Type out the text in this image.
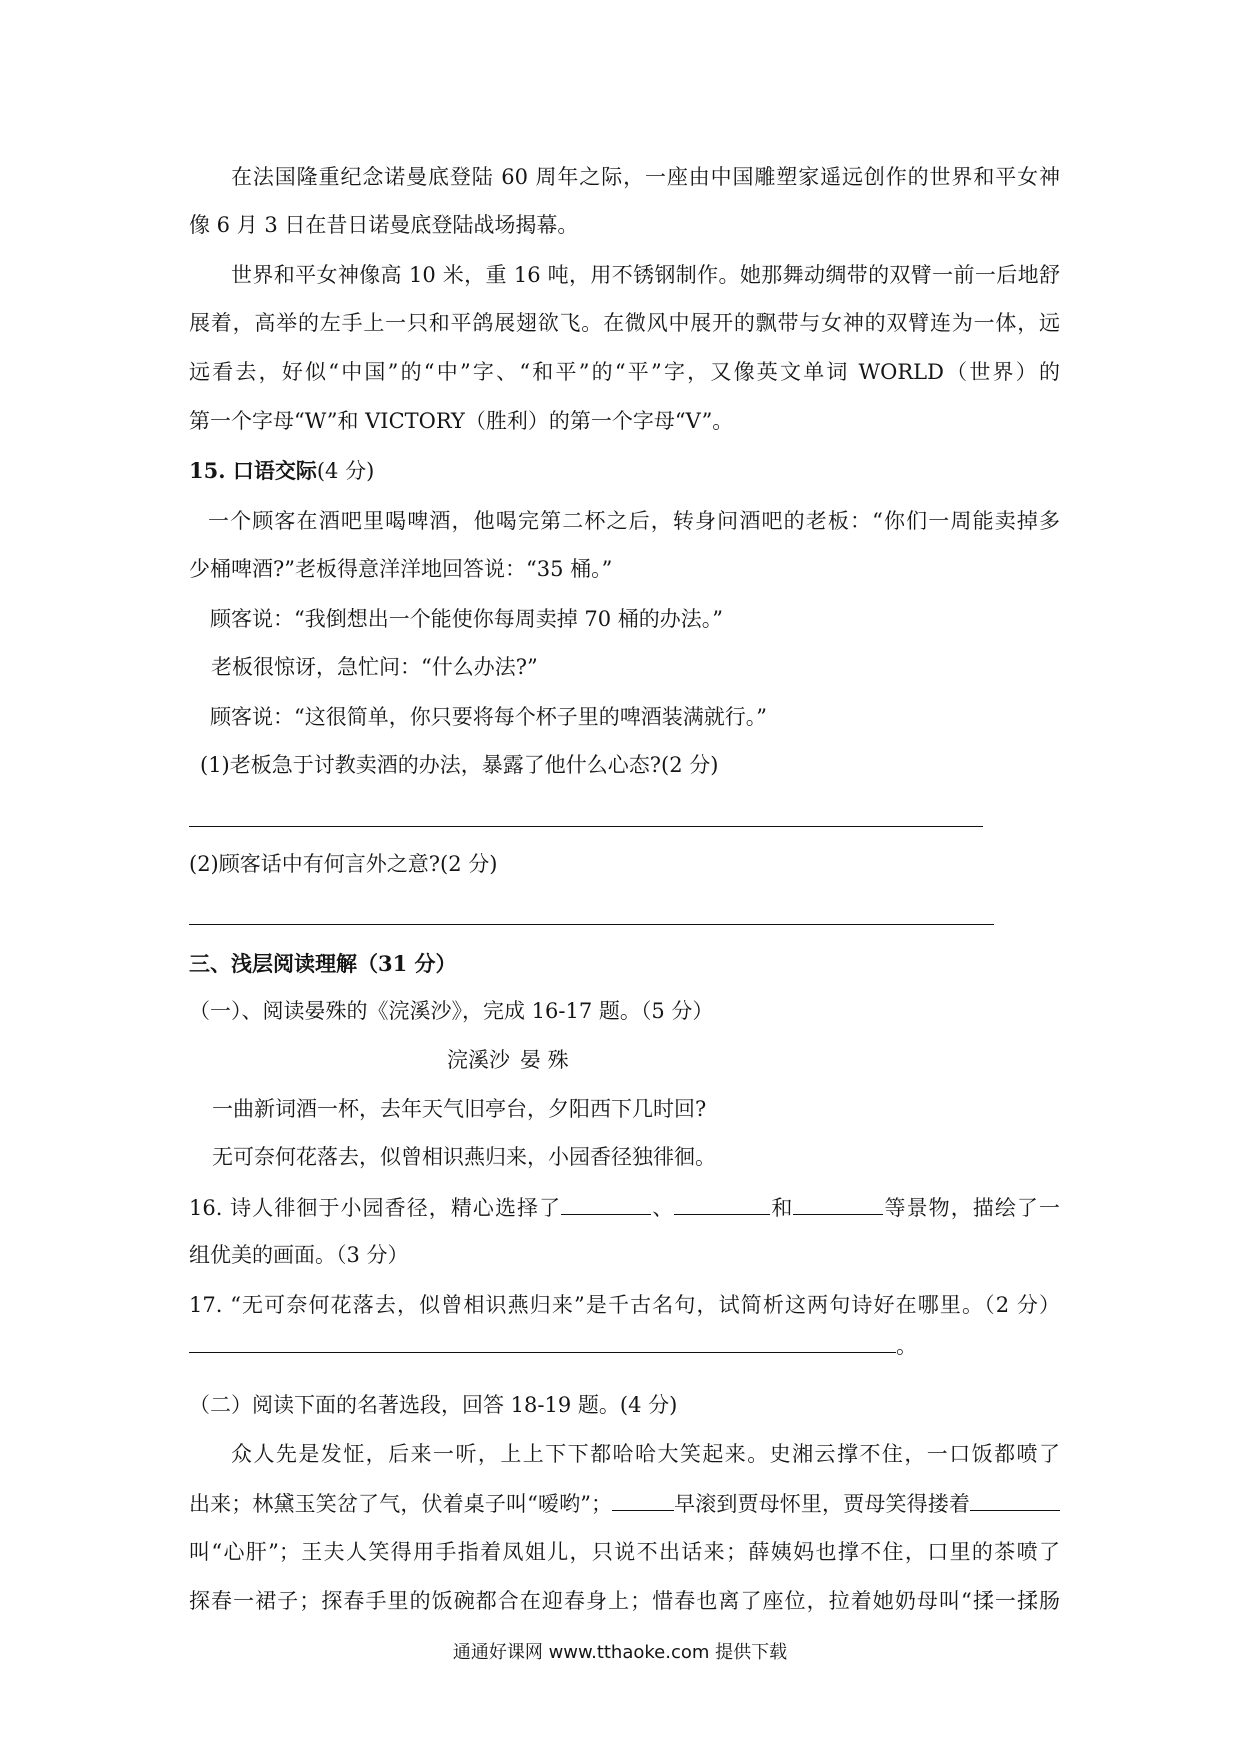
在法国隆重纪念诺曼底登陆 60 周年之际，一座由中国雕塑家遥远创作的世界和平女神
像 6 月 3 日在昔日诺曼底登陆战场揭幕。
世界和平女神像高 10 米，重 16 吨，用不锈钢制作。她那舞动绸带的双臂一前一后地舒
展着，高举的左手上一只和平鸽展翅欲飞。在微风中展开的飘带与女神的双臂连为一体，远
远看去，好似“中国”的“中”字、“和平”的“平”字，又像英文单词 WORLD（世界）的
第一个字母“W”和 VICTORY（胜利）的第一个字母“V”。
15. 口语交际(4 分)
一个顾客在酒吧里喝啤酒，他喝完第二杯之后，转身问酒吧的老板：“你们一周能卖掉多
少桶啤酒?”老板得意洋洋地回答说：“35 桶。”
顾客说：“我倒想出一个能使你每周卖掉 70 桶的办法。”
老板很惊讶，急忙问：“什么办法?”
顾客说：“这很简单，你只要将每个杯子里的啤酒装满就行。”
(1)老板急于讨教卖酒的办法，暴露了他什么心态?(2 分)
(2)顾客话中有何言外之意?(2 分)
三、浅层阅读理解（31 分）
（一）、阅读晏殊的《浣溪沙》，完成 16-17 题。（5 分）
浣溪沙 晏 殊
一曲新词酒一杯，去年天气旧亭台，夕阳西下几时回?
无可奈何花落去，似曾相识燕归来，小园香径独徘徊。
16. 诗人徘徊于小园香径，精心选择了	、	和	等景物，描绘了一
组优美的画面。（3 分）
17. “无可奈何花落去，似曾相识燕归来”是千古名句，试简析这两句诗好在哪里。（2 分）
。
（二）阅读下面的名著选段，回答 18-19 题。(4 分)
众人先是发怔，后来一听，上上下下都哈哈大笑起来。史湘云撑不住，一口饭都喷了
出来；林黛玉笑岔了气，伏着桌子叫“嗳哟”；	早滚到贾母怀里，贾母笑得搂着
叫“心肝”；王夫人笑得用手指着凤姐儿，只说不出话来；薛姨妈也撑不住，口里的茶喷了
探春一裙子；探春手里的饭碗都合在迎春身上；惜春也离了座位，拉着她奶母叫“揉一揉肠
通通好课网 www.tthaoke.com 提供下载
